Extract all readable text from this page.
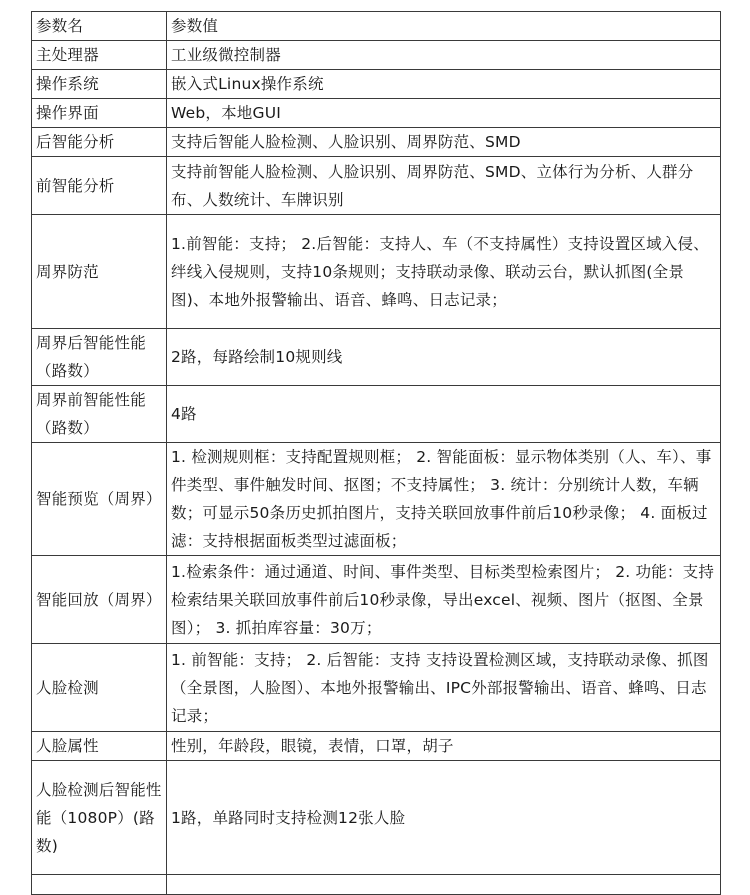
参数名	参数值
主处理器	工业级微控制器
操作系统	嵌入式Linux操作系统
操作界面	Web，本地GUI
后智能分析	支持后智能人脸检测、人脸识别、周界防范、SMD
前智能分析	支持前智能人脸检测、人脸识别、周界防范、SMD、立体行为分析、人群分布、人数统计、车牌识别
周界防范	1.前智能：支持； 2.后智能：支持人、车（不支持属性）支持设置区域入侵、绊线入侵规则，支持10条规则；支持联动录像、联动云台，默认抓图(全景图)、本地外报警输出、语音、蜂鸣、日志记录；
周界后智能性能（路数）	2路，每路绘制10规则线
周界前智能性能（路数）	4路
智能预览（周界）	1. 检测规则框：支持配置规则框； 2. 智能面板：显示物体类别（人、车）、事件类型、事件触发时间、抠图；不支持属性； 3. 统计：分别统计人数，车辆数；可显示50条历史抓拍图片，支持关联回放事件前后10秒录像； 4. 面板过滤：支持根据面板类型过滤面板；
智能回放（周界）	1.检索条件：通过通道、时间、事件类型、目标类型检索图片； 2. 功能：支持检索结果关联回放事件前后10秒录像，导出excel、视频、图片（抠图、全景图）； 3. 抓拍库容量：30万；
人脸检测	1. 前智能：支持； 2. 后智能：支持 支持设置检测区域，支持联动录像、抓图（全景图，人脸图）、本地外报警输出、IPC外部报警输出、语音、蜂鸣、日志记录；
人脸属性	性别，年龄段，眼镜，表情，口罩，胡子
人脸检测后智能性能（1080P）(路数)	1路，单路同时支持检测12张人脸
